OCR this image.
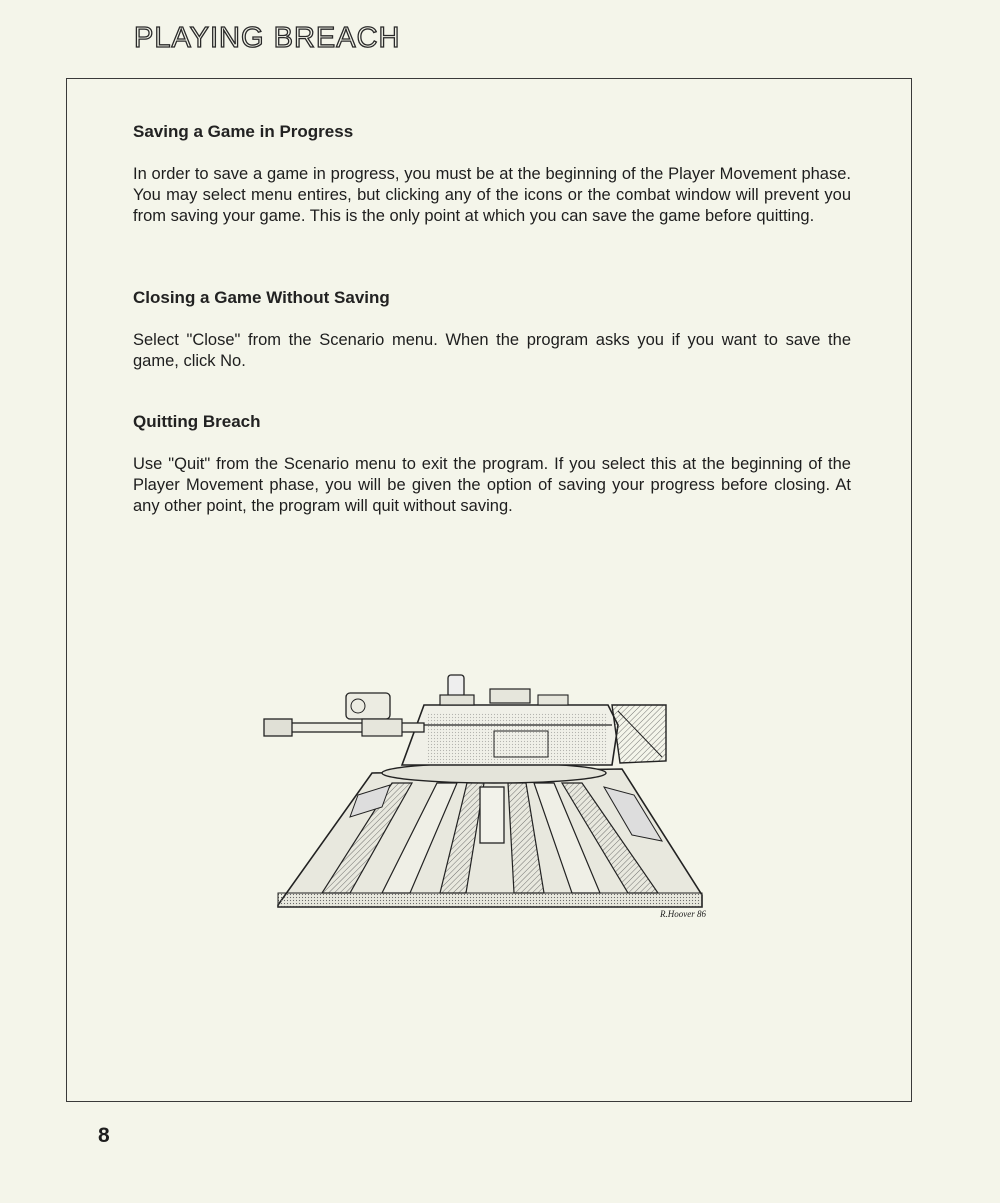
PLAYING BREACH
Saving a Game in Progress

In order to save a game in progress, you must be at the beginning of the Player Movement phase. You may select menu entires, but clicking any of the icons or the combat window will prevent you from saving your game. This is the only point at which you can save the game before quitting.

Closing a Game Without Saving

Select "Close" from the Scenario menu. When the program asks you if you want to save the game, click No.

Quitting Breach

Use "Quit" from the Scenario menu to exit the program. If you select this at the beginning of the Player Movement phase, you will be given the option of saving your progress before closing. At any other point, the program will quit without saving.

R.Hoover 86
8
